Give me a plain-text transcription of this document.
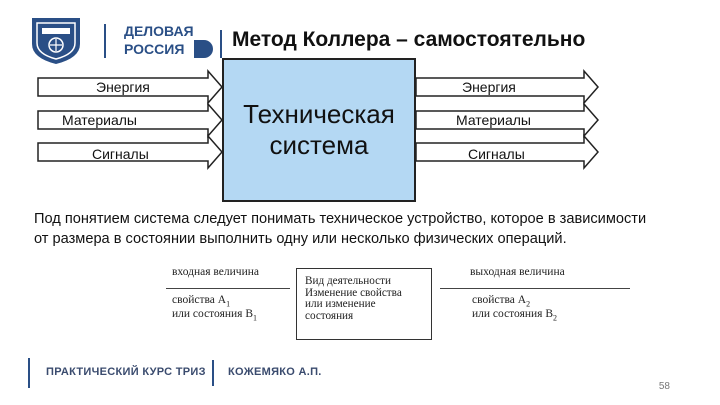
ДЕЛОВАЯ
РОССИЯ Метод Коллера – самостоятельно
Энергия
Материалы
Сигналы
Энергия
Материалы
Сигналы
Техническая
система
Под понятием система следует понимать техническое устройство, которое в зависимости от размера в состоянии выполнить одну или несколько физических операций.
входная величина
свойства $A_1$
или состояния $B_1$
Вид деятельности
Изменение свойства
или изменение
состояния
выходная величина
свойства $A_2$
или состояния $B_2$
ПРАКТИЧЕСКИЙ КУРС ТРИЗ КОЖЕМЯКО А.П.
58
